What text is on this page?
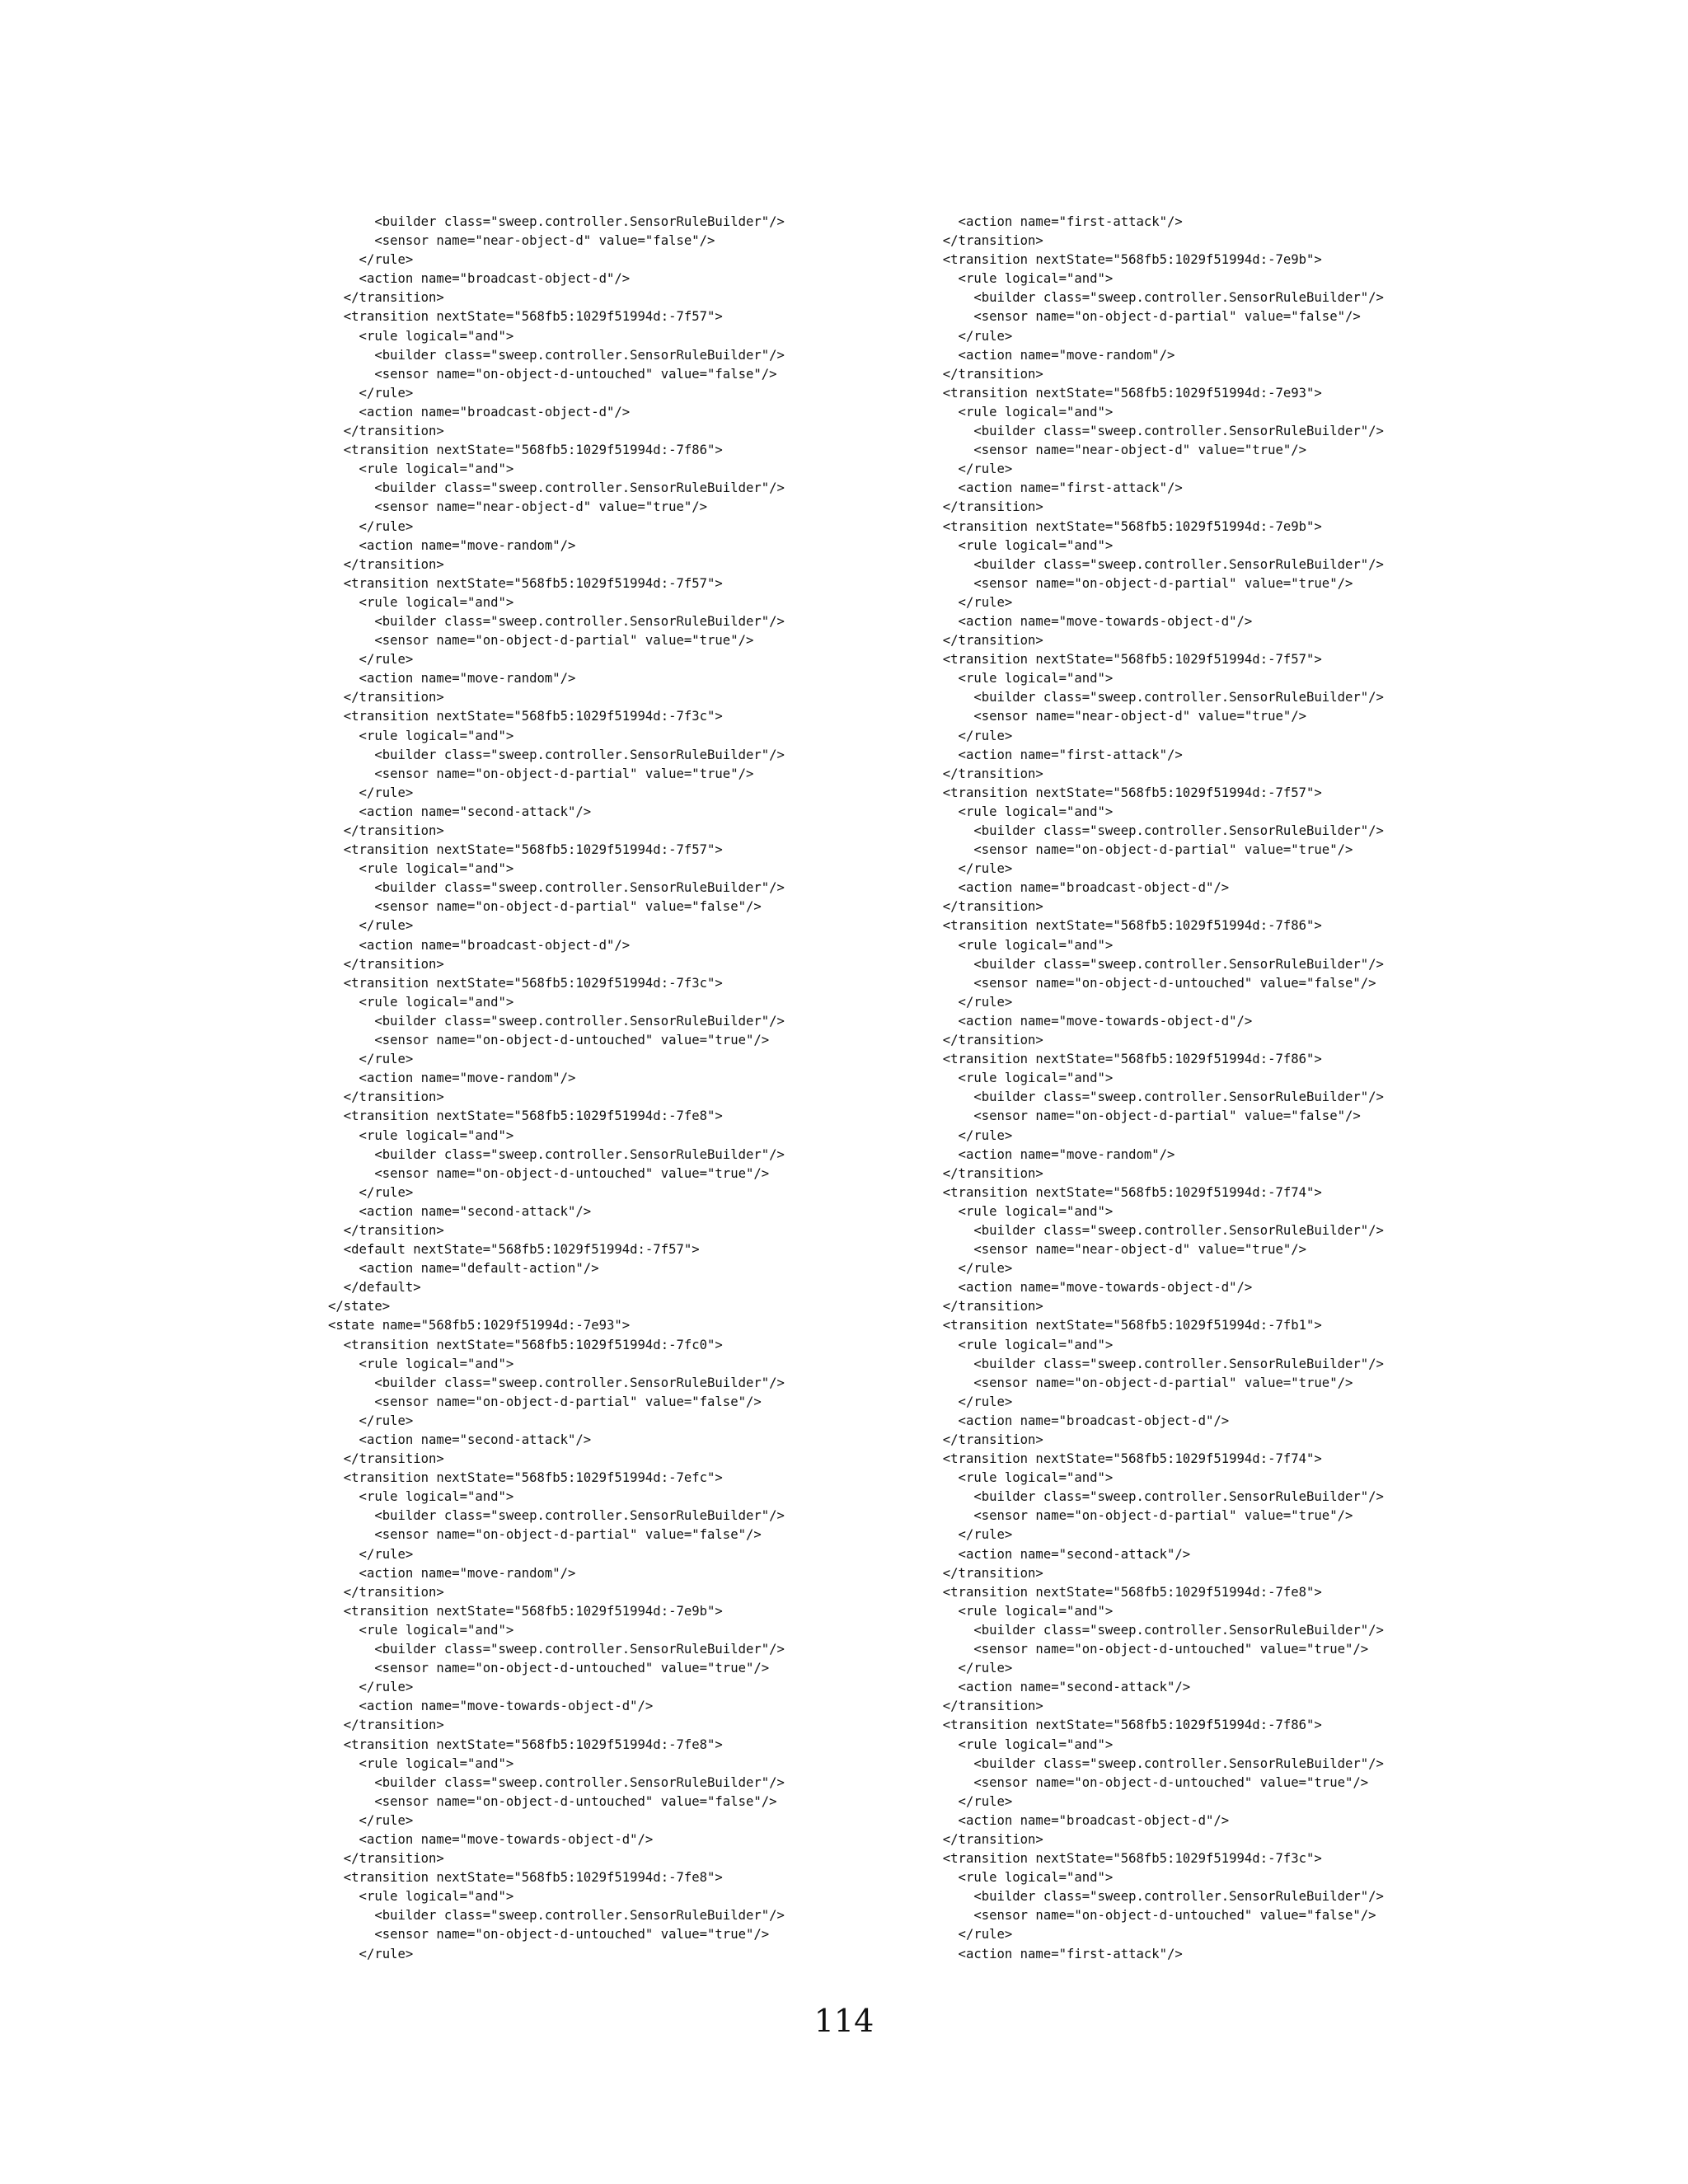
<builder class="sweep.controller.SensorRuleBuilder"/>
<sensor name="near-object-d" value="false"/>
</rule>
<action name="broadcast-object-d"/>
</transition>
<transition nextState="568fb5:1029f51994d:-7f57">
<rule logical="and">
<builder class="sweep.controller.SensorRuleBuilder"/>
<sensor name="on-object-d-untouched" value="false"/>
</rule>
<action name="broadcast-object-d"/>
</transition>
<transition nextState="568fb5:1029f51994d:-7f86">
<rule logical="and">
<builder class="sweep.controller.SensorRuleBuilder"/>
<sensor name="near-object-d" value="true"/>
</rule>
<action name="move-random"/>
</transition>
<transition nextState="568fb5:1029f51994d:-7f57">
<rule logical="and">
<builder class="sweep.controller.SensorRuleBuilder"/>
<sensor name="on-object-d-partial" value="true"/>
</rule>
<action name="move-random"/>
</transition>
<transition nextState="568fb5:1029f51994d:-7f3c">
<rule logical="and">
<builder class="sweep.controller.SensorRuleBuilder"/>
<sensor name="on-object-d-partial" value="true"/>
</rule>
<action name="second-attack"/>
</transition>
<transition nextState="568fb5:1029f51994d:-7f57">
<rule logical="and">
<builder class="sweep.controller.SensorRuleBuilder"/>
<sensor name="on-object-d-partial" value="false"/>
</rule>
<action name="broadcast-object-d"/>
</transition>
<transition nextState="568fb5:1029f51994d:-7f3c">
<rule logical="and">
<builder class="sweep.controller.SensorRuleBuilder"/>
<sensor name="on-object-d-untouched" value="true"/>
</rule>
<action name="move-random"/>
</transition>
<transition nextState="568fb5:1029f51994d:-7fe8">
<rule logical="and">
<builder class="sweep.controller.SensorRuleBuilder"/>
<sensor name="on-object-d-untouched" value="true"/>
</rule>
<action name="second-attack"/>
</transition>
<default nextState="568fb5:1029f51994d:-7f57">
<action name="default-action"/>
</default>
</state>
<state name="568fb5:1029f51994d:-7e93">
<transition nextState="568fb5:1029f51994d:-7fc0">
<rule logical="and">
<builder class="sweep.controller.SensorRuleBuilder"/>
<sensor name="on-object-d-partial" value="false"/>
</rule>
<action name="second-attack"/>
</transition>
<transition nextState="568fb5:1029f51994d:-7efc">
<rule logical="and">
<builder class="sweep.controller.SensorRuleBuilder"/>
<sensor name="on-object-d-partial" value="false"/>
</rule>
<action name="move-random"/>
</transition>
<transition nextState="568fb5:1029f51994d:-7e9b">
<rule logical="and">
<builder class="sweep.controller.SensorRuleBuilder"/>
<sensor name="on-object-d-untouched" value="true"/>
</rule>
<action name="move-towards-object-d"/>
</transition>
<transition nextState="568fb5:1029f51994d:-7fe8">
<rule logical="and">
<builder class="sweep.controller.SensorRuleBuilder"/>
<sensor name="on-object-d-untouched" value="false"/>
</rule>
<action name="move-towards-object-d"/>
</transition>
<transition nextState="568fb5:1029f51994d:-7fe8">
<rule logical="and">
<builder class="sweep.controller.SensorRuleBuilder"/>
<sensor name="on-object-d-untouched" value="true"/>
</rule>
<action name="first-attack"/>
</transition>
<transition nextState="568fb5:1029f51994d:-7e9b">
<rule logical="and">
<builder class="sweep.controller.SensorRuleBuilder"/>
<sensor name="on-object-d-partial" value="false"/>
</rule>
<action name="move-random"/>
</transition>
<transition nextState="568fb5:1029f51994d:-7e93">
<rule logical="and">
<builder class="sweep.controller.SensorRuleBuilder"/>
<sensor name="near-object-d" value="true"/>
</rule>
<action name="first-attack"/>
</transition>
<transition nextState="568fb5:1029f51994d:-7e9b">
<rule logical="and">
<builder class="sweep.controller.SensorRuleBuilder"/>
<sensor name="on-object-d-partial" value="true"/>
</rule>
<action name="move-towards-object-d"/>
</transition>
<transition nextState="568fb5:1029f51994d:-7f57">
<rule logical="and">
<builder class="sweep.controller.SensorRuleBuilder"/>
<sensor name="near-object-d" value="true"/>
</rule>
<action name="first-attack"/>
</transition>
<transition nextState="568fb5:1029f51994d:-7f57">
<rule logical="and">
<builder class="sweep.controller.SensorRuleBuilder"/>
<sensor name="on-object-d-partial" value="true"/>
</rule>
<action name="broadcast-object-d"/>
</transition>
<transition nextState="568fb5:1029f51994d:-7f86">
<rule logical="and">
<builder class="sweep.controller.SensorRuleBuilder"/>
<sensor name="on-object-d-untouched" value="false"/>
</rule>
<action name="move-towards-object-d"/>
</transition>
<transition nextState="568fb5:1029f51994d:-7f86">
<rule logical="and">
<builder class="sweep.controller.SensorRuleBuilder"/>
<sensor name="on-object-d-partial" value="false"/>
</rule>
<action name="move-random"/>
</transition>
<transition nextState="568fb5:1029f51994d:-7f74">
<rule logical="and">
<builder class="sweep.controller.SensorRuleBuilder"/>
<sensor name="near-object-d" value="true"/>
</rule>
<action name="move-towards-object-d"/>
</transition>
<transition nextState="568fb5:1029f51994d:-7fb1">
<rule logical="and">
<builder class="sweep.controller.SensorRuleBuilder"/>
<sensor name="on-object-d-partial" value="true"/>
</rule>
<action name="broadcast-object-d"/>
</transition>
<transition nextState="568fb5:1029f51994d:-7f74">
<rule logical="and">
<builder class="sweep.controller.SensorRuleBuilder"/>
<sensor name="on-object-d-partial" value="true"/>
</rule>
<action name="second-attack"/>
</transition>
<transition nextState="568fb5:1029f51994d:-7fe8">
<rule logical="and">
<builder class="sweep.controller.SensorRuleBuilder"/>
<sensor name="on-object-d-untouched" value="true"/>
</rule>
<action name="second-attack"/>
</transition>
<transition nextState="568fb5:1029f51994d:-7f86">
<rule logical="and">
<builder class="sweep.controller.SensorRuleBuilder"/>
<sensor name="on-object-d-untouched" value="true"/>
</rule>
<action name="broadcast-object-d"/>
</transition>
<transition nextState="568fb5:1029f51994d:-7f3c">
<rule logical="and">
<builder class="sweep.controller.SensorRuleBuilder"/>
<sensor name="on-object-d-untouched" value="false"/>
</rule>
<action name="first-attack"/>
114
